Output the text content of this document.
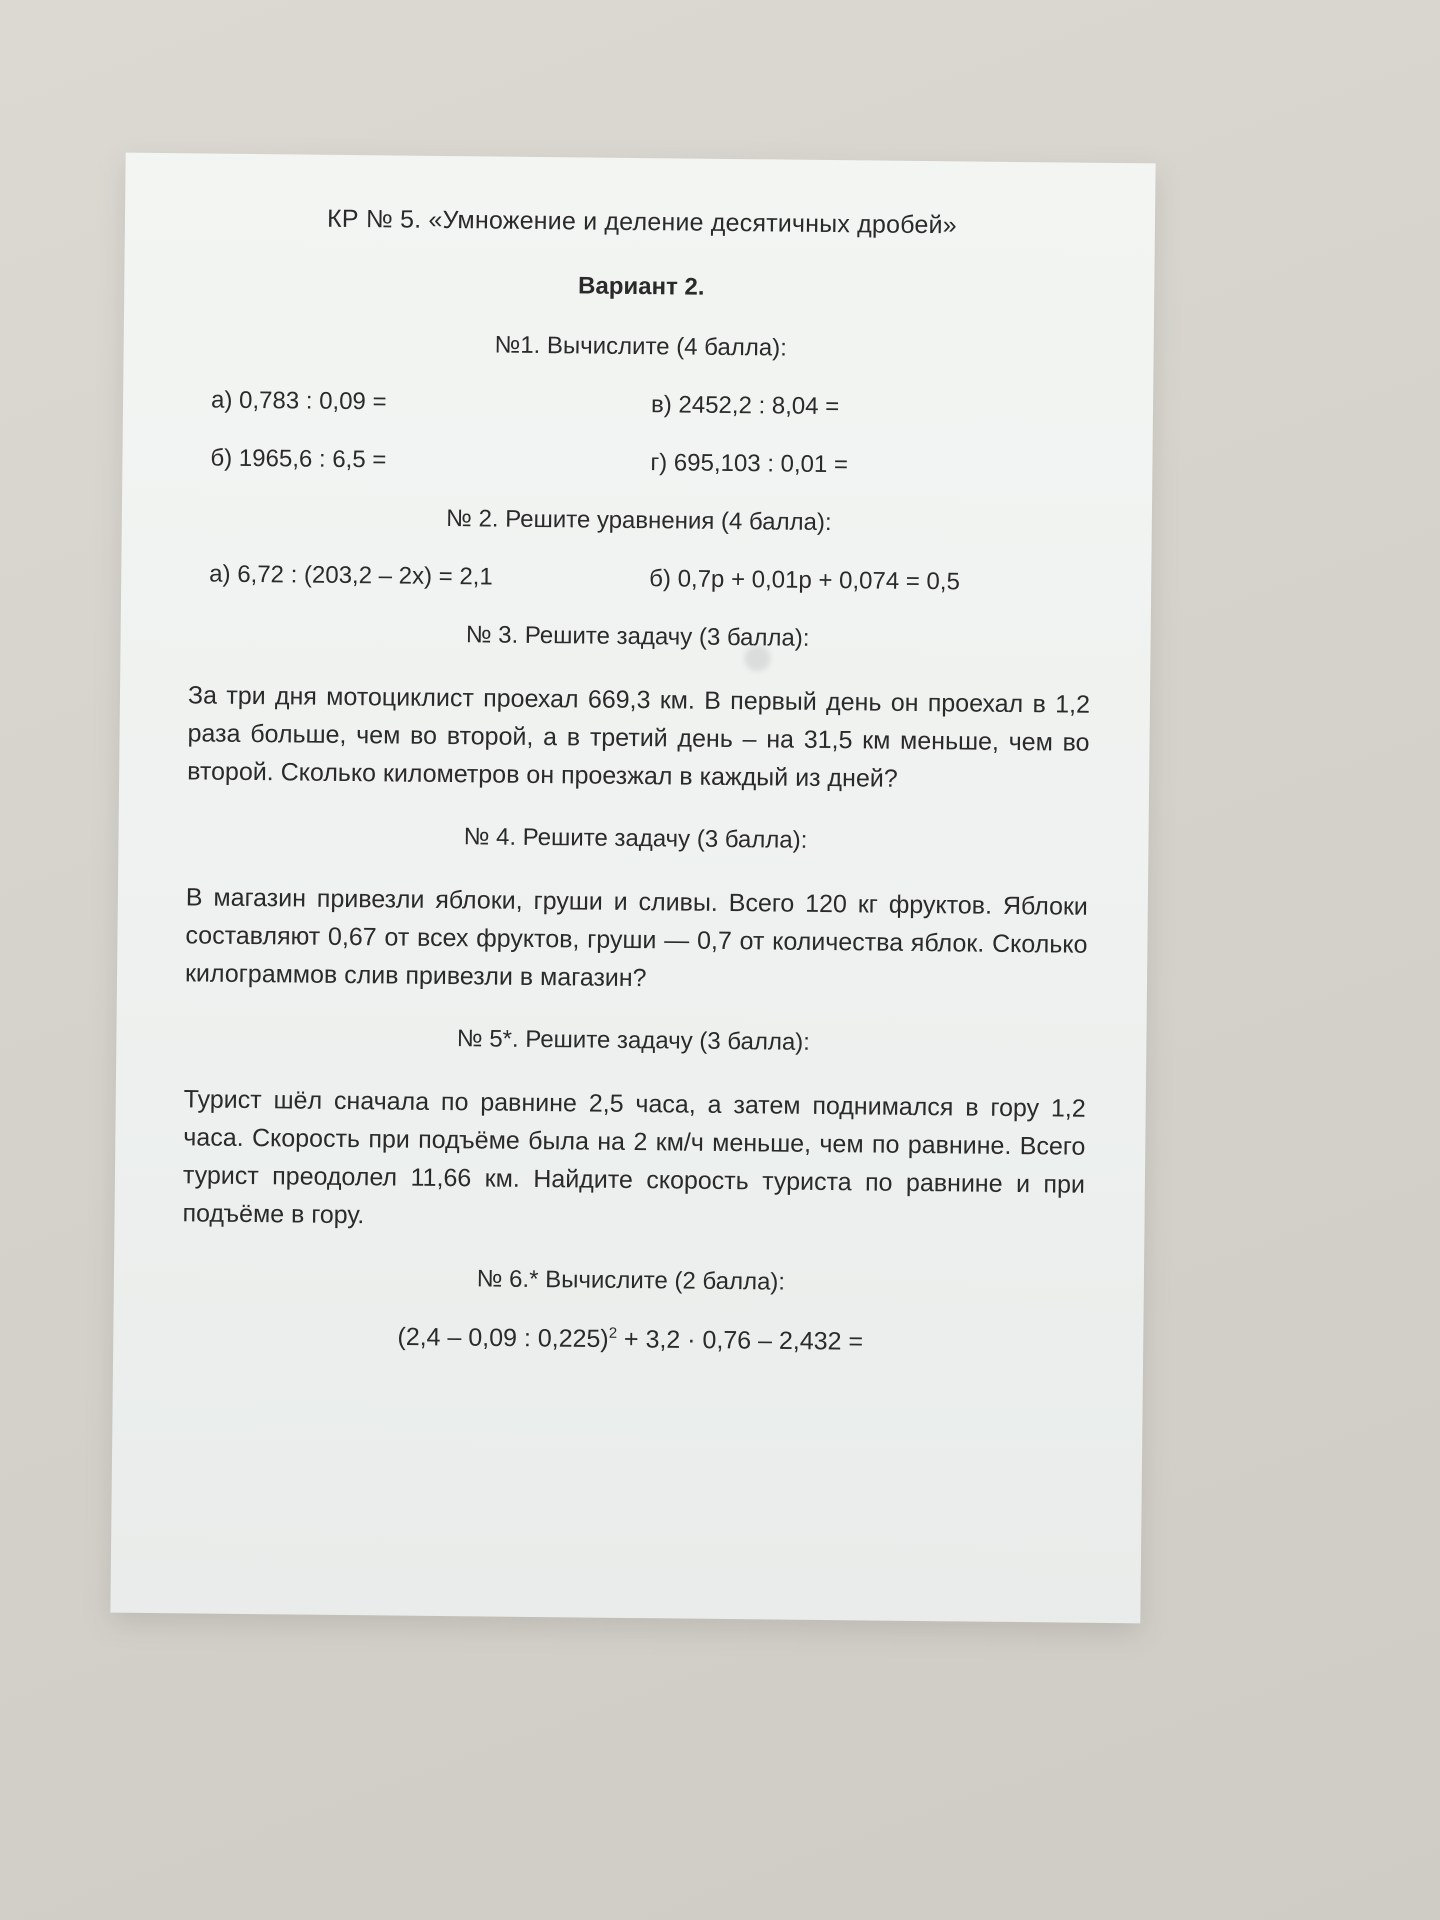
КР № 5. «Умножение и деление десятичных дробей»
Вариант 2.
№1. Вычислите (4 балла):
а) 0,783 : 0,09 =	в) 2452,2 : 8,04 =
б) 1965,6 : 6,5 =	г) 695,103 : 0,01 =
№ 2. Решите уравнения (4 балла):
а) 6,72 : (203,2 – 2х) = 2,1	б) 0,7р + 0,01р + 0,074 = 0,5
№ 3. Решите задачу (3 балла):
За три дня мотоциклист проехал 669,3 км. В первый день он проехал в 1,2 раза больше, чем во второй, а в третий день – на 31,5 км меньше, чем во второй. Сколько километров он проезжал в каждый из дней?
№ 4. Решите задачу (3 балла):
В магазин привезли яблоки, груши и сливы. Всего 120 кг фруктов. Яблоки составляют 0,67 от всех фруктов, груши — 0,7 от количества яблок. Сколько килограммов слив привезли в магазин?
№ 5*. Решите задачу (3 балла):
Турист шёл сначала по равнине 2,5 часа, а затем поднимался в гору 1,2 часа. Скорость при подъёме была на 2 км/ч меньше, чем по равнине. Всего турист преодолел 11,66 км. Найдите скорость туриста по равнине и при подъёме в гору.
№ 6.* Вычислите (2 балла):
(2,4 – 0,09 : 0,225)$^2$ + 3,2 · 0,76 – 2,432 =
